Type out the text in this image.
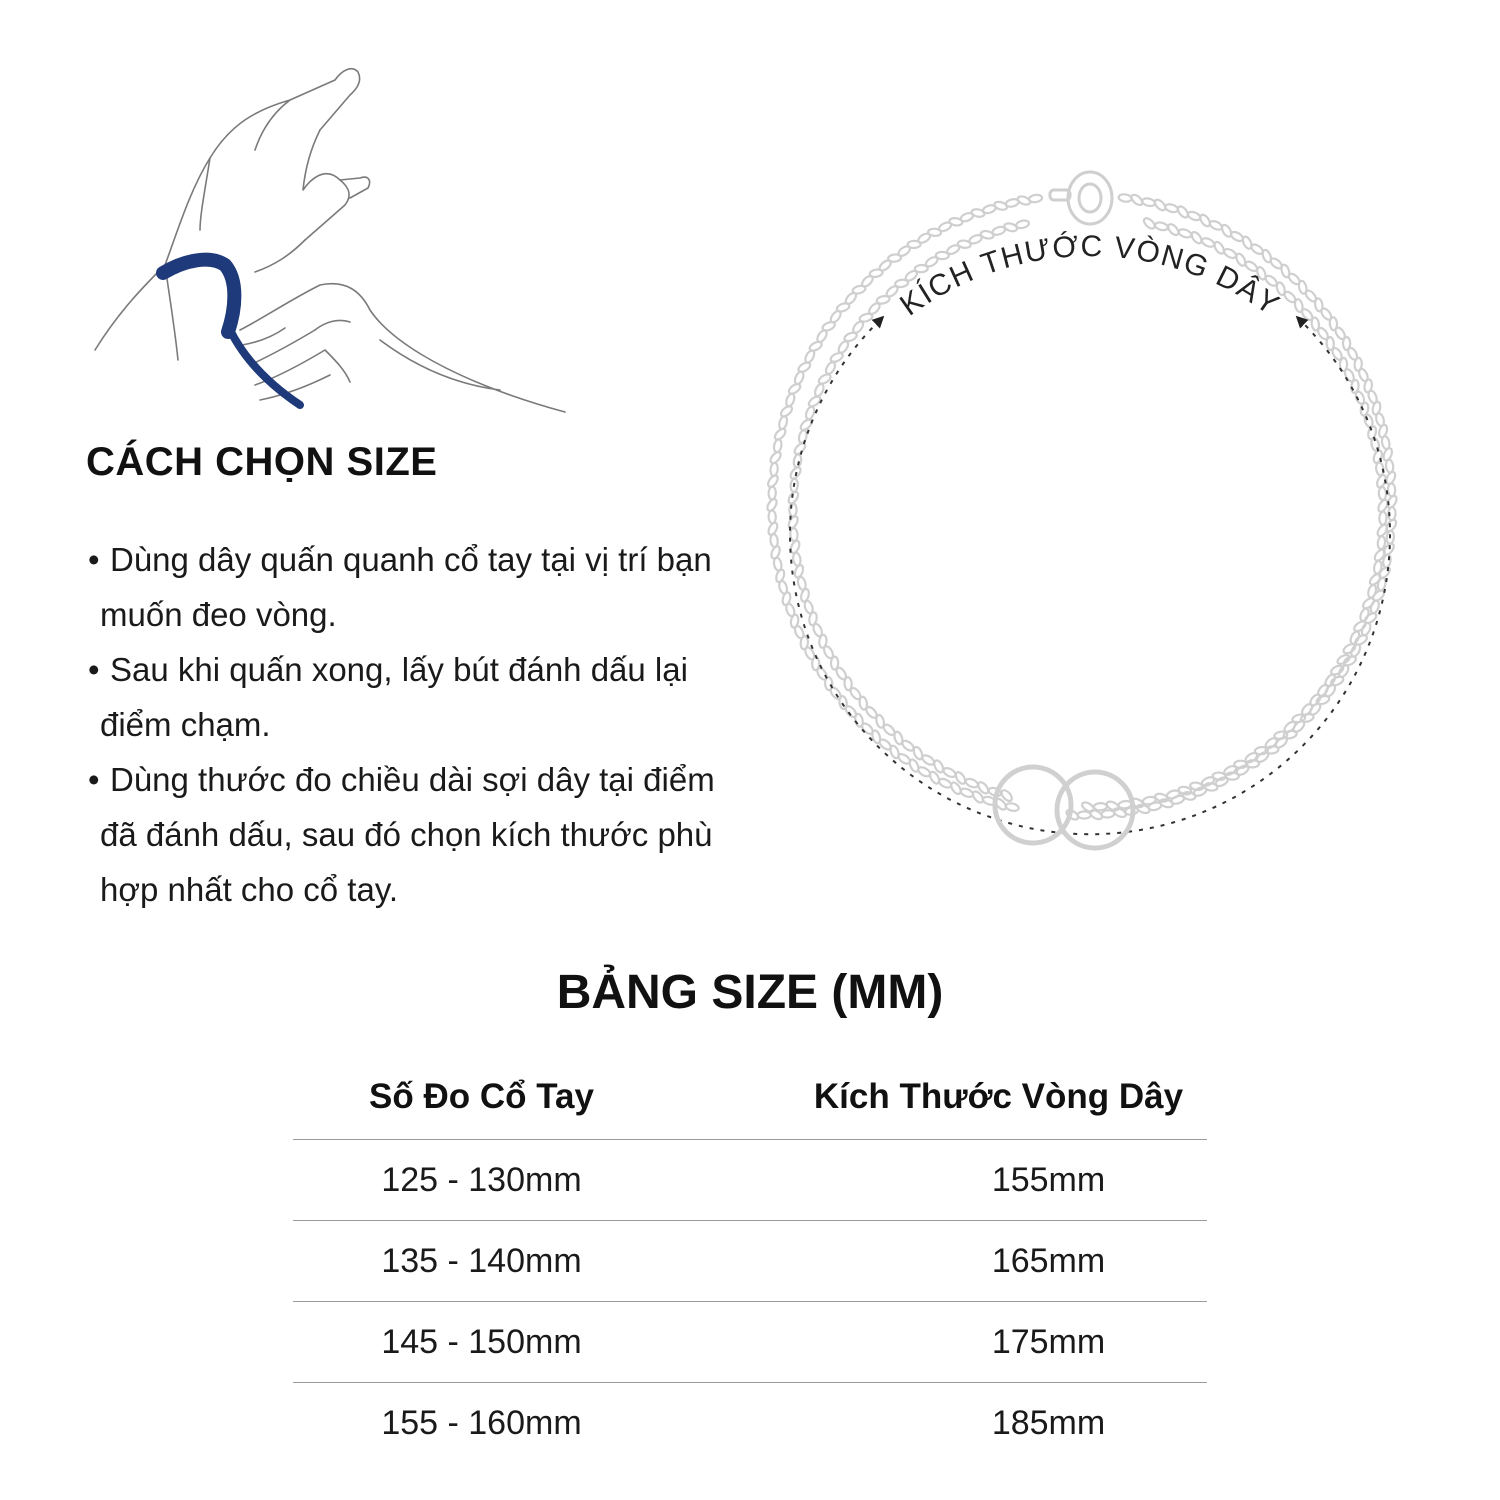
CÁCH CHỌN SIZE
• Dùng dây quấn quanh cổ tay tại vị trí bạn muốn đeo vòng.
• Sau khi quấn xong, lấy bút đánh dấu lại điểm chạm.
• Dùng thước đo chiều dài sợi dây tại điểm đã đánh dấu, sau đó chọn kích thước phù hợp nhất cho cổ tay.
KÍCH THƯỚC VÒNG DÂY
BẢNG SIZE (MM)
Số Đo Cổ Tay	Kích Thước Vòng Dây
125 - 130mm	155mm
135 - 140mm	165mm
145 - 150mm	175mm
155 - 160mm	185mm
